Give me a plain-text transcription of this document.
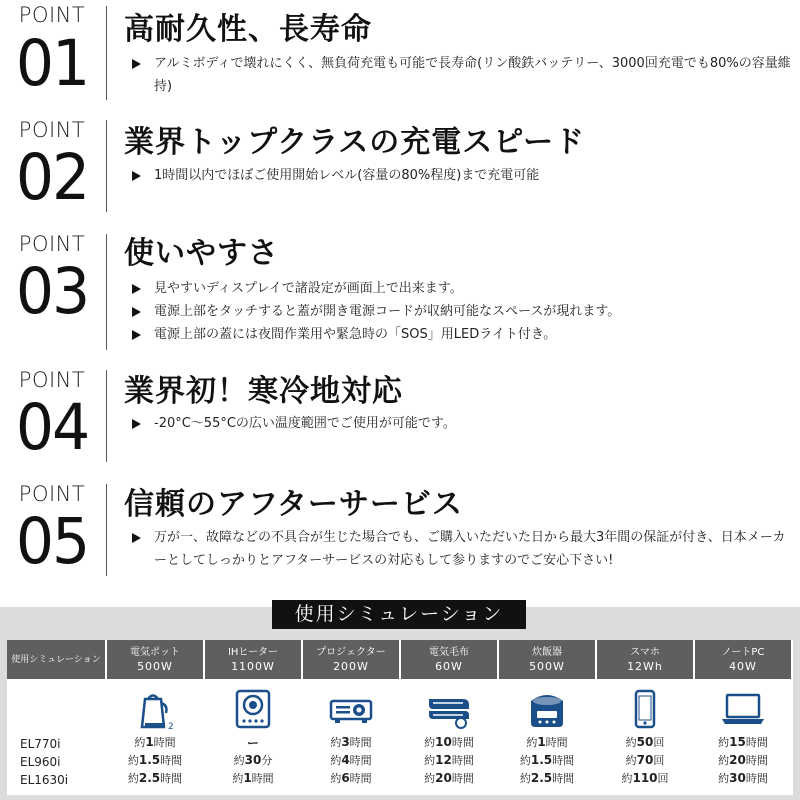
POINT
01 高耐久性、長寿命
アルミボディで壊れにくく、無負荷充電も可能で長寿命(リン酸鉄バッテリー、3000回充電でも80%の容量維持)
POINT
02 業界トップクラスの充電スピード
1時間以内でほぼご使用開始レベル(容量の80%程度)まで充電可能
POINT
03
使いやすさ
見やすいディスプレイで諸設定が画面上で出来ます。
電源上部をタッチすると蓋が開き電源コードが収納可能なスペースが現れます。
電源上部の蓋には夜間作業用や緊急時の「SOS」用LEDライト付き。
POINT
04 業界初！寒冷地対応
-20°C〜55°Cの広い温度範囲でご使用が可能です。
POINT
05
信頼のアフターサービス
万が一、故障などの不具合が生じた場合でも、ご購入いただいた日から最大3年間の保証が付き、日本メーカーとしてしっかりとアフターサービスの対応もして参りますのでご安心下さい!
使用シミュレーション
使用シミュレーション
電気ポット
500W
IHヒーター
1100W
プロジェクター
200W
電気毛布
60W
炊飯器
500W
スマホ
12Wh
ノートPC
40W
2
約1時間
約1.5時間
約2.5時間
ー
約30分
約1時間
約3時間
約4時間
約6時間
約10時間
約12時間
約20時間
約1時間
約1.5時間
約2.5時間
約50回
約70回
約110回
約15時間
約20時間
約30時間
EL770i
EL960i
EL1630i
